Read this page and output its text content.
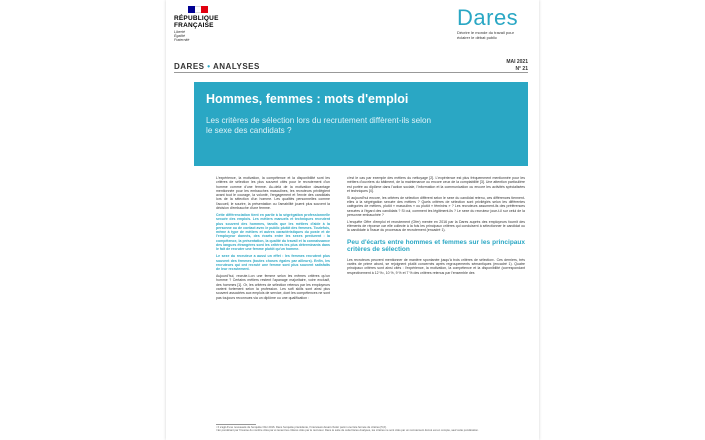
RÉPUBLIQUE
FRANÇAISE
Liberté
Égalité
Fraternité
Dares
Décrire le monde du travail pour éclairer le débat public
DARES • ANALYSES	MAI 2021
N° 21
Hommes, femmes : mots d'emploi
Les critères de sélection lors du recrutement diffèrent-ils selon le sexe des candidats ?

L'expérience, la motivation, la compétence et la disponibilité sont les critères de sélection les plus souvent cités pour le recrutement d'un homme comme d'une femme. Au-delà de la motivation davantage mentionnée pour les embauches masculines, les recruteurs privilégient avant tout le courage, la volonté, l'engagement et l'envie des candidats lors de la sélection d'un homme. Les qualités personnelles comme l'accueil, le sourire, la présentation ou l'amabilité jouent plus souvent la décision d'embauche d'une femme.

Cette différenciation tient en partie à la ségrégation professionnelle sexuée des emplois. Les métiers manuels et techniques recrutent plus souvent des hommes, tandis que les métiers d'aide à la personne ou de contact avec le public plutôt des femmes. Toutefois, même à type de métiers et autres caractéristiques du poste et de l'employeur donnés, des écarts entre les sexes perdurent : la compétence, la présentation, la qualité du travail et la connaissance des langues étrangères sont les critères les plus déterminants dans le fait de recruter une femme plutôt qu'un homme.

Le sexe du recruteur a aussi un effet : les femmes recrutent plus souvent des femmes (toutes choses égales par ailleurs). Enfin, les recruteurs qui ont recruté une femme sont plus souvent satisfaits de leur recrutement.

Aujourd'hui, recrute-t-on une femme selon les mêmes critères qu'un homme ? Certains métiers restent l'apanage majoritaire, voire exclusif, des hommes [1]. Or, les critères de sélection retenus par les employeurs varient fortement selon la profession. Les soft skills sont ainsi plus souvent associées aux emplois de service, dont les compétences ne sont pas toujours reconnues via un diplôme ou une qualification :

c'est le cas par exemple des métiers du nettoyage [2]. L'expérience est plus fréquemment mentionnée pour les métiers d'ouvriers du bâtiment, de la maintenance ou encore ceux de la comptabilité [3]. Une attention particulière est portée au diplôme dans l'action sociale, l'information et la communication ou encore les activités spécialisées et techniques [4].

Si aujourd'hui encore, les critères de sélection diffèrent selon le sexe du candidat retenu, ces différences tiennent-elles à la ségrégation sexuée des métiers ? Quels critères de sélection sont privilégiés selon les différentes catégories de métiers, plutôt « masculins » ou plutôt « féminins » ? Les recruteurs assument-ils des préférences sexuées à l'égard des candidats ? Si oui, comment les légitiment-ils ? Le sexe du recruteur joue-t-il sur celui de la personne embauchée ?

L'enquête Offre d'emploi et recrutement (Ofer) menée en 2016 par la Dares auprès des employeurs fournit des éléments de réponse car elle collecte à la fois les principaux critères qui conduisent à sélectionner le candidat ou la candidate à l'issue du processus de recrutement (encadré 1).

Peu d'écarts entre hommes et femmes sur les principaux critères de sélection

Les recruteurs peuvent mentionner de manière spontanée jusqu'à trois critères de sélection¹. Ces derniers, très variés de prime abord, se rejoignent plutôt concernés après regroupements sémantiques (encadré 1). Quatre principaux critères sont ainsi cités : l'expérience, la motivation, la compétence et la disponibilité (correspondant respectivement à 12 %¹, 10 %, 9 % et 7 % des critères retenus par l'ensemble des

¹ Il s'agit d'une nouveauté de l'enquête Ofer 2016. Dans l'enquête précédente, l'interviewé devait choisir parmi une liste fermée de critères [5,6].
² En pondérant par l'inverse du nombre cités par et tenant les critères cités par le recruteur. Dans le suite de cette Dares Analyses, les critères ne sont cités par un recrutement donné est en compte, sauf cette pondération.
